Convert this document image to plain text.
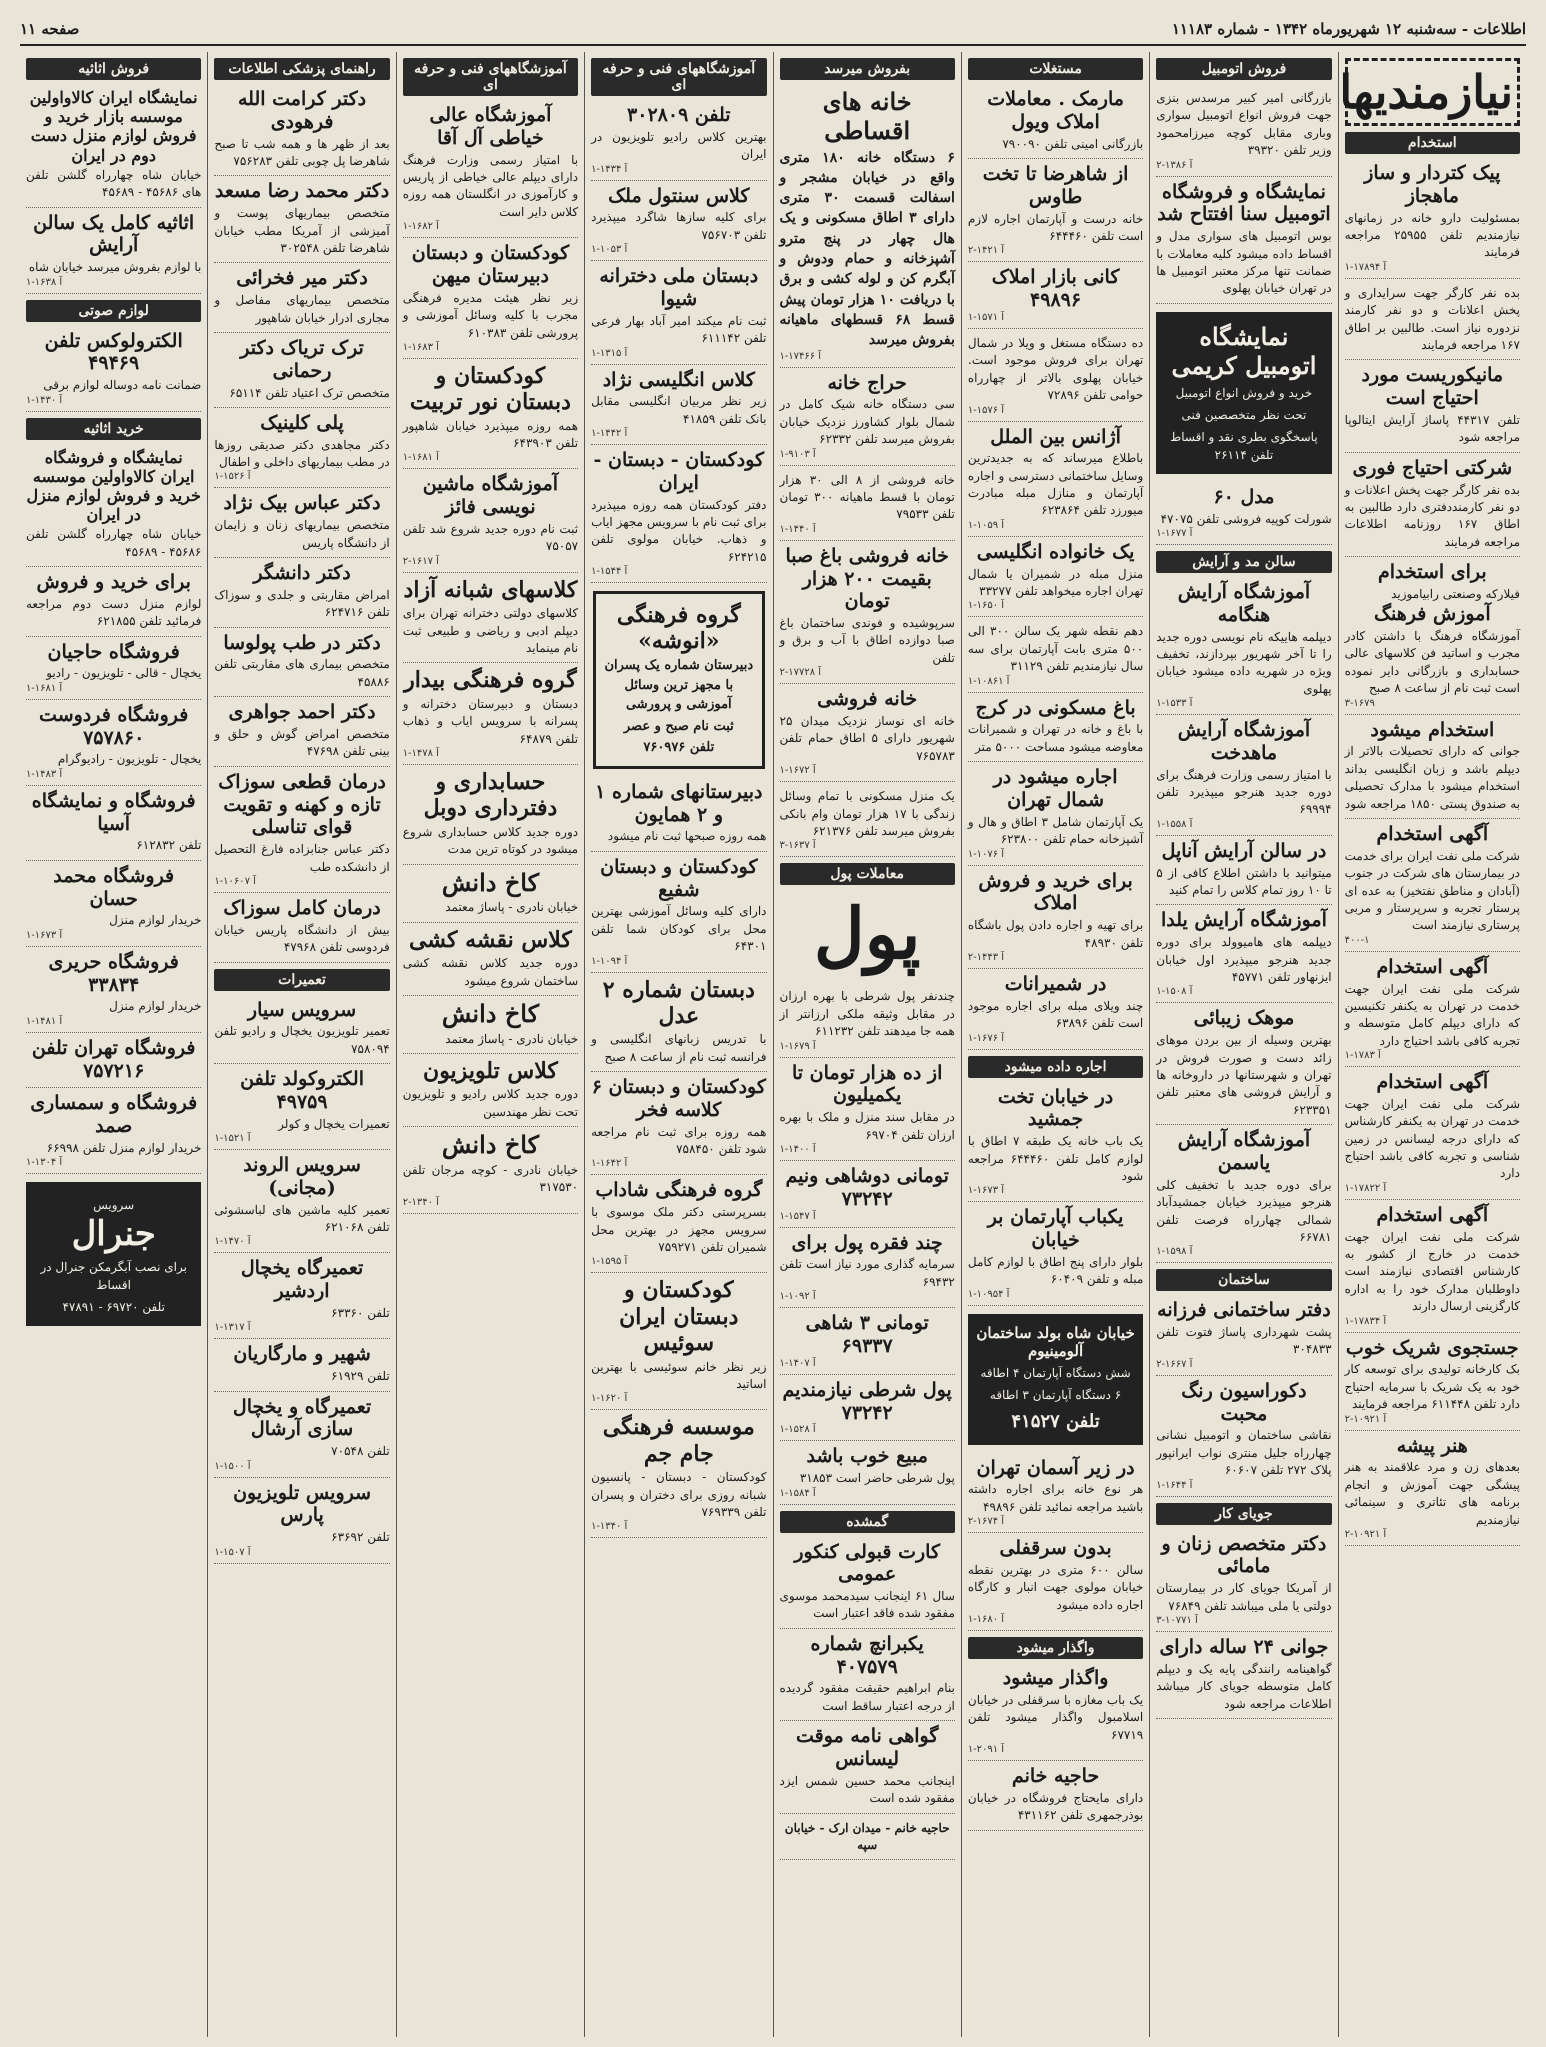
اطلاعات - سه‌شنبه ۱۲ شهریورماه ۱۳۴۲ - شماره ۱۱۱۸۳
صفحه ۱۱
نیازمندیها
استخدام
پیک کتردار و ساز ماهجاز

بمسئولیت دارو خانه در زمانهای نیازمندیم تلفن ۲۵۹۵۵ مراجعه فرمایند

۱-۱۷۸۹۴ آ

بده نفر کارگر جهت سرایداری و پخش اعلانات و دو نفر کارمند نزدوره نیاز است. طالبین بر اطاق ۱۶۷ مراجعه فرمایند

مانیکوریست مورد احتیاج است

تلفن ۴۴۳۱۷ پاساژ آرایش ایتالوپا مراجعه شود

شرکتی احتیاج فوری

بده نفر کارگر جهت پخش اعلانات و دو نفر کارمنددفتری دارد طالبین به اطاق ۱۶۷ روزنامه اطلاعات مراجعه فرمایند

برای استخدام

فیلارکه وصنعتی رابیاموزید

آموزش فرهنگ

آموزشگاه فرهنگ با داشتن کادر مجرب و اساتید فن کلاسهای عالی حسابداری و بازرگانی دایر نموده است ثبت نام از ساعت ۸ صبح

۳-۱۶۷۹
استخدام میشود

جوانی که دارای تحصیلات بالاتر از دیپلم باشد و زبان انگلیسی بداند استخدام میشود با مدارک تحصیلی به صندوق پستی ۱۸۵۰ مراجعه شود

آگهی استخدام

شرکت ملی نفت ایران برای خدمت در بیمارستان های شرکت در جنوب (آبادان و مناطق نفتخیز) به عده ای پرستار تجربه و سرپرستار و مربی پرستاری نیازمند است

۴۰۰-۱
آگهی استخدام

شرکت ملی نفت ایران جهت خدمت در تهران به یکنفر تکنیسین که دارای دیپلم کامل متوسطه و تجربه کافی باشد احتیاج دارد

۱-۱۷۸۳ آ
آگهی استخدام

شرکت ملی نفت ایران جهت خدمت در تهران به یکنفر کارشناس که دارای درجه لیسانس در زمین شناسی و تجربه کافی باشد احتیاج دارد

۱-۱۷۸۲۲ آ
آگهی استخدام

شرکت ملی نفت ایران جهت خدمت در خارج از کشور به کارشناس اقتصادی نیازمند است داوطلبان مدارک خود را به اداره کارگزینی ارسال دارند

۱-۱۷۸۳۴ آ
جستجوی شریک خوب

بک کارخانه تولیدی برای توسعه کار خود به یک شریک با سرمایه احتیاج دارد تلفن ۶۱۱۴۴۸ مراجعه فرمایند

۲-۱۰۹۲۱ آ
هنر پیشه

بعدهای زن و مرد علاقمند به هنر پیشگی جهت آموزش و انجام برنامه های تئاتری و سینمائی نیازمندیم

۲-۱۰۹۲۱ آ
فروش اتومبیل

بازرگانی امیر کبیر مرسدس بنزی جهت فروش انواع اتومبیل سواری وباری مقابل کوچه میرزامحمود وزیر تلفن ۳۹۳۲۰

۲-۱۳۸۶ آ
نمایشگاه و فروشگاه اتومبیل سنا افتتاح شد

بوس اتومبیل های سواری مدل و اقساط داده میشود کلیه معاملات با ضمانت تنها مرکز معتبر اتومبیل ها در تهران خیابان پهلوی

نمایشگاه اتومبیل کریمی

خرید و فروش انواع اتومبیل

تحت نظر متخصصین فنی

پاسخگوی بطری نقد و اقساط تلفن ۲۶۱۱۴

مدل ۶۰

شورلت کوپیه فروشی تلفن ۴۷۰۷۵

۱-۱۶۷۷ آ
سالن مد و آرایش
آموزشگاه آرایش هنگامه

دیپلمه هاییکه نام نویسی دوره جدید را تا آخر شهریور بپردازند، تخفیف ویژه در شهریه داده میشود خیابان پهلوی

۱-۱۵۳۳ آ
آموزشگاه آرایش ماهدخت

با امتیاز رسمی وزارت فرهنگ برای دوره جدید هنرجو میپذیرد تلفن ۶۹۹۹۴

۱-۱۵۵۸ آ
در سالن آرایش آناپل

میتوانید با داشتن اطلاع کافی از ۵ تا ۱۰ روز تمام کلاس را تمام کنید

آموزشگاه آرایش یلدا

دیپلمه های هامیوولد برای دوره جدید هنرجو میپذیرد اول خیابان ایزنهاور تلفن ۴۵۷۷۱

۱-۱۵۰۸ آ
موهک زیبائی

بهترین وسیله از بین بردن موهای زائد دست و صورت فروش در تهران و شهرستانها در داروخانه ها و آرایش فروشی های معتبر تلفن ۶۲۳۳۵۱

آموزشگاه آرایش یاسمن

برای دوره جدید با تخفیف کلی هنرجو میپذیرد خیابان جمشیدآباد شمالی چهارراه فرصت تلفن ۶۶۷۸۱

۱-۱۵۹۸ آ
ساختمان
دفتر ساختمانی فرزانه

پشت شهرداری پاساژ فتوت تلفن ۳۰۴۸۳۳

۲-۱۶۶۷ آ
دکوراسیون رنگ محبت

نقاشی ساختمان و اتومبیل نشانی چهارراه جلیل منتری نواب ایرانپور پلاک ۲۷۲ تلفن ۶۰۶۰۷

۱-۱۶۴۴ آ
جویای کار
دکتر متخصص زنان و مامائی

از آمریکا جویای کار در بیمارستان دولتی یا ملی میباشد تلفن ۷۶۸۴۹

۳-۱۰۷۷۱ آ
جوانی ۲۴ ساله دارای

گواهینامه رانندگی پایه یک و دیپلم کامل متوسطه جویای کار میباشد اطلاعات مراجعه شود

مستغلات
مارمک . معاملات املاک ویول

بازرگانی امینی تلفن ۷۹۰۰۹۰

از شاهرضا تا تخت طاوس

خانه درست و آپارتمان اجاره لازم است تلفن ۶۴۴۴۶۰

۲-۱۴۲۱ آ
کانی بازار املاک ۴۹۸۹۶
۱-۱۵۷۱ آ

ده دستگاه مستغل و ویلا در شمال تهران برای فروش موجود است. خیابان پهلوی بالاتر از چهارراه حوامی تلفن ۷۲۸۹۶

۱-۱۵۷۶ آ
آژانس بین الملل

باطلاع میرساند که به جدیدترین وسایل ساختمانی دسترسی و اجاره آپارتمان و منازل مبله مبادرت میورزد تلفن ۶۲۳۸۶۴

۱-۱۰۵۹ آ
یک خانواده انگلیسی

منزل مبله در شمیران یا شمال تهران اجاره میخواهد تلفن ۳۳۲۷۷

۱-۱۶۵۰ آ

دهم نقطه شهر یک سالن ۳۰۰ الی ۵۰۰ متری بابت آپارتمان برای سه سال نیازمندیم تلفن ۳۱۱۲۹

۱-۱۰۸۶۱ آ
باغ مسکونی در کرج

با باغ و خانه در تهران و شمیرانات معاوضه میشود مساحت ۵۰۰۰ متر

اجاره میشود در شمال تهران

یک آپارتمان شامل ۳ اطاق و هال و آشپزخانه حمام تلفن ۶۲۳۸۰۰

۱-۱۰۷۶ آ
برای خرید و فروش املاک

برای تهیه و اجاره دادن پول باشگاه تلفن ۴۸۹۳۰

۲-۱۴۴۳ آ
در شمیرانات

چند ویلای مبله برای اجاره موجود است تلفن ۶۳۸۹۶

۱-۱۶۷۶ آ
اجاره داده میشود
در خیابان تخت جمشید

یک باب خانه یک طبقه ۷ اطاق با لوازم کامل تلفن ۶۴۴۴۶۰ مراجعه شود

۱-۱۶۷۳ آ
یکباب آپارتمان بر خیابان

بلوار دارای پنج اطاق با لوازم کامل مبله و تلفن ۶۰۴۰۹

۱-۱۰۹۵۴ آ
خیابان شاه بولد ساختمان آلومینیوم

شش دستگاه آپارتمان ۴ اطاقه

۶ دستگاه آپارتمان ۳ اطاقه

تلفن ۴۱۵۲۷

در زیر آسمان تهران

هر نوع خانه برای اجاره داشته باشید مراجعه نمائید تلفن ۴۹۸۹۶

۲-۱۶۷۴ آ
بدون سرقفلی

سالن ۶۰۰ متری در بهترین نقطه خیابان مولوی جهت انبار و کارگاه اجاره داده میشود

۱-۱۶۸۰ آ
واگذار میشود
واگذار میشود

یک باب مغازه با سرقفلی در خیابان اسلامبول واگذار میشود تلفن ۶۷۷۱۹

۱-۲۰۹۱ آ
حاجیه خانم

دارای مایحتاج فروشگاه در خیابان بوذرجمهری تلفن ۴۳۱۱۶۲

بفروش میرسد
خانه های اقساطی

۶ دستگاه خانه ۱۸۰ متری واقع در خیابان مشجر و اسفالت قسمت ۳۰ متری دارای ۳ اطاق مسکونی و یک هال چهار در پنج مترو آشپزخانه و حمام ودوش و آبگرم کن و لوله کشی و برق با دریافت ۱۰ هزار تومان پیش قسط ۶۸ قسطهای ماهیانه بفروش میرسد

۱-۱۷۴۶۶ آ
حراج خانه

سی دستگاه خانه شیک کامل در شمال بلوار کشاورز نزدیک خیابان بفروش میرسد تلفن ۶۲۳۳۲

۱-۹۱۰۳ آ

خانه فروشی از ۸ الی ۳۰ هزار تومان با قسط ماهیانه ۳۰۰ تومان تلفن ۷۹۵۳۳

۱-۱۴۴۰ آ
خانه فروشی باغ صبا بقیمت ۲۰۰ هزار تومان

سرپوشیده و فوندی ساختمان باغ صبا دوازده اطاق با آب و برق و تلفن

۲-۱۷۷۲۸ آ
خانه فروشی

خانه ای نوساز نزدیک میدان ۲۵ شهریور دارای ۵ اطاق حمام تلفن ۷۶۵۷۸۳

۱-۱۶۷۲ آ

یک منزل مسکونی با تمام وسائل زندگی با ۱۷ هزار تومان وام بانکی بفروش میرسد تلفن ۶۲۱۳۷۶

۳-۱۶۳۷ آ
معاملات پول
پول

چندنفر پول شرطی با بهره ارزان در مقابل وثیقه ملکی ارزانتر از همه جا میدهند تلفن ۶۱۱۲۳۲

۱-۱۶۷۹ آ
از ده هزار تومان تا یکمیلیون

در مقابل سند منزل و ملک با بهره ارزان تلفن ۶۹۷۰۴

۱-۱۴۰۰ آ
تومانی دوشاهی ونیم ۷۳۲۴۲
۱-۱۵۴۷ آ
چند فقره پول برای

سرمایه گذاری مورد نیاز است تلفن ۶۹۴۳۲

۱-۱۰۹۲ آ
تومانی ۳ شاهی ۶۹۳۳۷
۱-۱۴۰۷ آ
پول شرطی نیازمندیم ۷۳۲۴۲
۱-۱۵۲۸ آ
مبیع خوب باشد

پول شرطی حاضر است ۳۱۸۵۳

۱-۱۵۸۴ آ
گمشده
کارت قبولی کنکور عمومی

سال ۶۱ اینجانب سیدمحمد موسوی مفقود شده فاقد اعتبار است

یکبرانچ شماره ۴۰۷۵۷۹

بنام ابراهیم حقیقت مفقود گردیده از درجه اعتبار ساقط است

گواهی نامه موقت لیسانس

اینجانب محمد حسین شمس ایزد مفقود شده است

حاجیه خانم - میدان ارک - خیابان سپه

آموزشگاههای فنی و حرفه ای
تلفن ۳۰۲۸۰۹

بهترین کلاس رادیو تلویزیون در ایران

۱-۱۴۳۴ آ
کلاس سنتول ملک

برای کلیه سازها شاگرد میپذیرد تلفن ۷۵۶۷۰۳

۱-۱۰۵۳ آ
دبستان ملی دخترانه شیوا

ثبت نام میکند امیر آباد بهار فرعی تلفن ۶۱۱۱۴۲

۱-۱۳۱۵ آ
کلاس انگلیسی نژاد

زیر نظر مربیان انگلیسی مقابل بانک تلفن ۴۱۸۵۹

۱-۱۴۴۲ آ
کودکستان - دبستان - ایران

دفتر کودکستان همه روزه میپذیرد برای ثبت نام با سرویس مجهز ایاب و ذهاب. خیابان مولوی تلفن ۶۲۴۲۱۵

۱-۱۵۴۴ آ
گروه فرهنگی «انوشه»

دبیرستان شماره یک پسران با مجهز ترین وسائل آموزشی و پرورشی

ثبت نام صبح و عصر

تلفن ۷۶۰۹۷۶

دبیرستانهای شماره ۱ و ۲ همایون

همه روزه صبحها ثبت نام میشود

کودکستان و دبستان شفیع

دارای کلیه وسائل آموزشی بهترین محل برای کودکان شما تلفن ۶۴۳۰۱

۱-۱۰۹۴ آ
دبستان شماره ۲ عدل

با تدریس زبانهای انگلیسی و فرانسه ثبت نام از ساعت ۸ صبح

کودکستان و دبستان ۶ کلاسه فخر

همه روزه برای ثبت نام مراجعه شود تلفن ۷۵۸۴۵۰

۱-۱۶۴۲ آ
گروه فرهنگی شاداب

بسرپرستی دکتر ملک موسوی با سرویس مجهز در بهترین محل شمیران تلفن ۷۵۹۲۷۱

۱-۱۵۹۵ آ
کودکستان و دبستان ایران سوئیس

زیر نظر خانم سوئیسی با بهترین اساتید

۱-۱۶۲۰ آ
موسسه فرهنگی جام جم

کودکستان - دبستان - پانسیون شبانه روزی برای دختران و پسران تلفن ۷۶۹۳۳۹

۱-۱۳۴۰ آ
آموزشگاههای فنی و حرفه ای
آموزشگاه عالی خیاطی آل آقا

با امتیاز رسمی وزارت فرهنگ دارای دیپلم عالی خیاطی از پاریس و کارآموزی در انگلستان همه روزه کلاس دایر است

۱-۱۶۸۲ آ
کودکستان و دبستان دبیرستان میهن

زیر نظر هیئت مدیره فرهنگی مجرب با کلیه وسائل آموزشی و پرورشی تلفن ۶۱۰۳۸۳

۱-۱۶۸۳ آ
کودکستان و دبستان نور تربیت

همه روزه میپذیرد خیابان شاهپور تلفن ۶۴۳۹۰۳

۱-۱۶۸۱ آ
آموزشگاه ماشین نویسی فائز

ثبت نام دوره جدید شروع شد تلفن ۷۵۰۵۷

۲-۱۶۱۷ آ
کلاسهای شبانه آزاد

کلاسهای دولتی دخترانه تهران برای دیپلم ادبی و ریاضی و طبیعی ثبت نام مینماید

گروه فرهنگی بیدار

دبستان و دبیرستان دخترانه و پسرانه با سرویس ایاب و ذهاب تلفن ۶۴۸۷۹

۱-۱۴۷۸ آ
حسابداری و دفترداری دوبل

دوره جدید کلاس حسابداری شروع میشود در کوتاه ترین مدت

کاخ دانش

خیابان نادری - پاساژ معتمد

کلاس نقشه کشی

دوره جدید کلاس نقشه کشی ساختمان شروع میشود

کاخ دانش

خیابان نادری - پاساژ معتمد

کلاس تلویزیون

دوره جدید کلاس رادیو و تلویزیون تحت نظر مهندسین

کاخ دانش

خیابان نادری - کوچه مرجان تلفن ۳۱۷۵۳۰

۲-۱۳۴۰ آ
راهنمای پزشکی اطلاعات
دکتر کرامت الله فرهودی

بعد از ظهر ها و همه شب تا صبح شاهرضا پل چوبی تلفن ۷۵۶۲۸۳

دکتر محمد رضا مسعد

متخصص بیماریهای پوست و آمیزشی از آمریکا مطب خیابان شاهرضا تلفن ۳۰۲۵۴۸

دکتر میر فخرائی

متخصص بیماریهای مفاصل و مجاری ادرار خیابان شاهپور

ترک تریاک دکتر رحمانی

متخصص ترک اعتیاد تلفن ۶۵۱۱۴

پلی کلینیک

دکتر مجاهدی دکتر صدیقی روزها در مطب بیماریهای داخلی و اطفال

۱-۱۵۲۶ آ
دکتر عباس بیک نژاد

متخصص بیماریهای زنان و زایمان از دانشگاه پاریس

دکتر دانشگر

امراض مقاربتی و جلدی و سوزاک تلفن ۶۲۴۷۱۶

دکتر در طب پولوسا

متخصص بیماری های مقاربتی تلفن ۴۵۸۸۶

دکتر احمد جواهری

متخصص امراض گوش و حلق و بینی تلفن ۴۷۶۹۸

درمان قطعی سوزاک تازه و کهنه و تقویت قوای تناسلی

دکتر عباس جنابزاده فارغ التحصیل از دانشکده طب

۱-۱۰۶۰۷ آ
درمان کامل سوزاک

بیش از دانشگاه پاریس خیابان فردوسی تلفن ۴۷۹۶۸

تعمیرات
سرویس سیار

تعمیر تلویزیون یخچال و رادیو تلفن ۷۵۸۰۹۴

الکتروکولد تلفن ۴۹۷۵۹

تعمیرات یخچال و کولر

۱-۱۵۲۱ آ
سرویس الروند (مجانی)

تعمیر کلیه ماشین های لباسشوئی تلفن ۶۲۱۰۶۸

۱-۱۴۷۰ آ
تعمیرگاه یخچال اردشیر

تلفن ۶۳۳۶۰

۱-۱۳۱۷ آ
شهیر و مارگاریان

تلفن ۶۱۹۲۹

تعمیرگاه و یخچال سازی آرشال

تلفن ۷۰۵۴۸

۱-۱۵۰۰ آ
سرویس تلویزیون پارس

تلفن ۶۳۶۹۲

۱-۱۵۰۷ آ
فروش اثاثیه
نمایشگاه ایران کالاواولین موسسه بازار خرید و فروش لوازم منزل دست دوم در ایران

خیابان شاه چهارراه گلشن تلفن های ۴۵۶۸۶ - ۴۵۶۸۹

اثاثیه کامل یک سالن آرایش

با لوازم بفروش میرسد خیابان شاه

۱-۱۶۳۸ آ
لوازم صوتی
الکترولوکس تلفن ۴۹۴۶۹

ضمانت نامه دوساله لوازم برقی

۱-۱۴۳۰ آ
خرید اثاثیه
نمایشگاه و فروشگاه ایران کالاواولین موسسه خرید و فروش لوازم منزل در ایران

خیابان شاه چهارراه گلشن تلفن ۴۵۶۸۶ - ۴۵۶۸۹

برای خرید و فروش

لوازم منزل دست دوم مراجعه فرمائید تلفن ۶۲۱۸۵۵

فروشگاه حاجیان

یخچال - قالی - تلویزیون - رادیو

۱-۱۶۸۱ آ
فروشگاه فردوست ۷۵۷۸۶۰

یخچال - تلویزیون - رادیوگرام

۱-۱۴۸۳ آ
فروشگاه و نمایشگاه آسیا

تلفن ۶۱۲۸۳۲

فروشگاه محمد حسان

خریدار لوازم منزل

۱-۱۶۷۳ آ
فروشگاه حریری ۳۳۸۳۴

خریدار لوازم منزل

۱-۱۴۸۱ آ
فروشگاه تهران تلفن ۷۵۷۲۱۶
فروشگاه و سمساری صمد

خریدار لوازم منزل تلفن ۶۶۹۹۸

۱-۱۳۰۴ آ

سرویس

جنرال

برای نصب آبگرمکن جنرال در اقساط

تلفن ۶۹۷۲۰ - ۴۷۸۹۱
